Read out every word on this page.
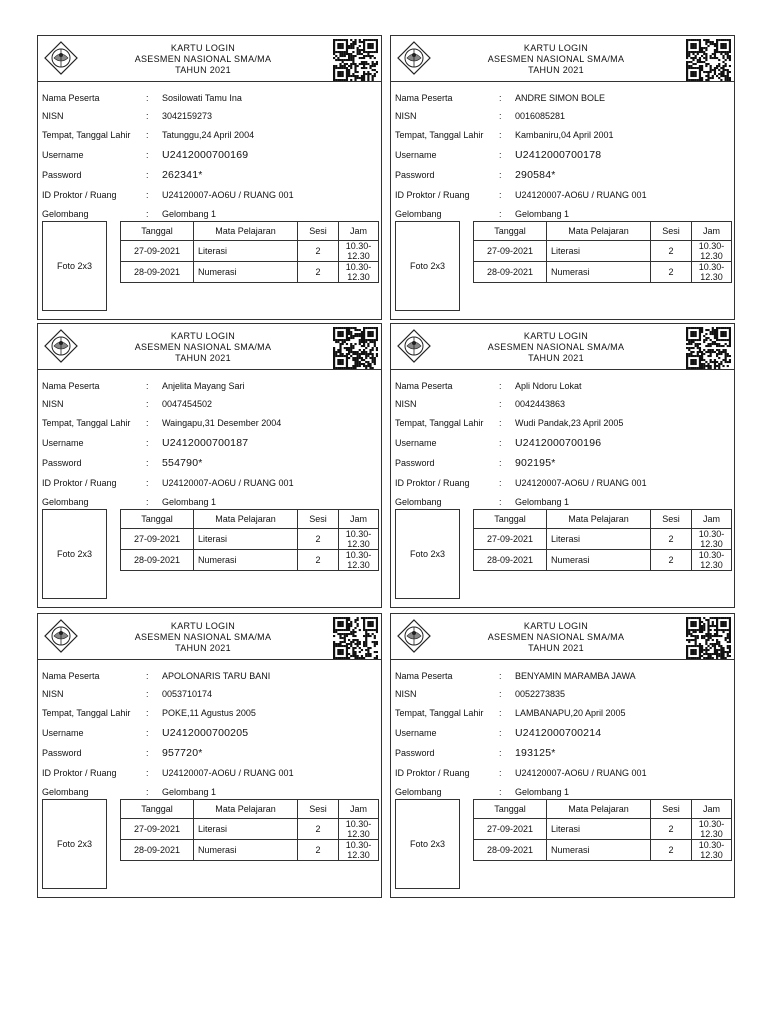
KARTU LOGIN
ASESMEN NASIONAL SMA/MA
TAHUN 2021
Nama Peserta	:	Sosilowati Tamu Ina
NISN	:	3042159273
Tempat, Tanggal Lahir	:	Tatunggu,24 April 2004
Username	:	U2412000700169
Password	:	262341*
ID Proktor / Ruang	:	U24120007-AO6U / RUANG 001
Gelombang	:	Gelombang 1
Foto 2x3
Tanggal	Mata Pelajaran	Sesi	Jam
27-09-2021	Literasi	2	10.30-12.30
28-09-2021	Numerasi	2	10.30-12.30
KARTU LOGIN
ASESMEN NASIONAL SMA/MA
TAHUN 2021
Nama Peserta	:	ANDRE SIMON BOLE
NISN	:	0016085281
Tempat, Tanggal Lahir	:	Kambaniru,04 April 2001
Username	:	U2412000700178
Password	:	290584*
ID Proktor / Ruang	:	U24120007-AO6U / RUANG 001
Gelombang	:	Gelombang 1
Foto 2x3
Tanggal	Mata Pelajaran	Sesi	Jam
27-09-2021	Literasi	2	10.30-12.30
28-09-2021	Numerasi	2	10.30-12.30
KARTU LOGIN
ASESMEN NASIONAL SMA/MA
TAHUN 2021
Nama Peserta	:	Anjelita Mayang Sari
NISN	:	0047454502
Tempat, Tanggal Lahir	:	Waingapu,31 Desember 2004
Username	:	U2412000700187
Password	:	554790*
ID Proktor / Ruang	:	U24120007-AO6U / RUANG 001
Gelombang	:	Gelombang 1
Foto 2x3
Tanggal	Mata Pelajaran	Sesi	Jam
27-09-2021	Literasi	2	10.30-12.30
28-09-2021	Numerasi	2	10.30-12.30
KARTU LOGIN
ASESMEN NASIONAL SMA/MA
TAHUN 2021
Nama Peserta	:	Apli Ndoru Lokat
NISN	:	0042443863
Tempat, Tanggal Lahir	:	Wudi Pandak,23 April 2005
Username	:	U2412000700196
Password	:	902195*
ID Proktor / Ruang	:	U24120007-AO6U / RUANG 001
Gelombang	:	Gelombang 1
Foto 2x3
Tanggal	Mata Pelajaran	Sesi	Jam
27-09-2021	Literasi	2	10.30-12.30
28-09-2021	Numerasi	2	10.30-12.30
KARTU LOGIN
ASESMEN NASIONAL SMA/MA
TAHUN 2021
Nama Peserta	:	APOLONARIS TARU BANI
NISN	:	0053710174
Tempat, Tanggal Lahir	:	POKE,11 Agustus 2005
Username	:	U2412000700205
Password	:	957720*
ID Proktor / Ruang	:	U24120007-AO6U / RUANG 001
Gelombang	:	Gelombang 1
Foto 2x3
Tanggal	Mata Pelajaran	Sesi	Jam
27-09-2021	Literasi	2	10.30-12.30
28-09-2021	Numerasi	2	10.30-12.30
KARTU LOGIN
ASESMEN NASIONAL SMA/MA
TAHUN 2021
Nama Peserta	:	BENYAMIN MARAMBA JAWA
NISN	:	0052273835
Tempat, Tanggal Lahir	:	LAMBANAPU,20 April 2005
Username	:	U2412000700214
Password	:	193125*
ID Proktor / Ruang	:	U24120007-AO6U / RUANG 001
Gelombang	:	Gelombang 1
Foto 2x3
Tanggal	Mata Pelajaran	Sesi	Jam
27-09-2021	Literasi	2	10.30-12.30
28-09-2021	Numerasi	2	10.30-12.30
